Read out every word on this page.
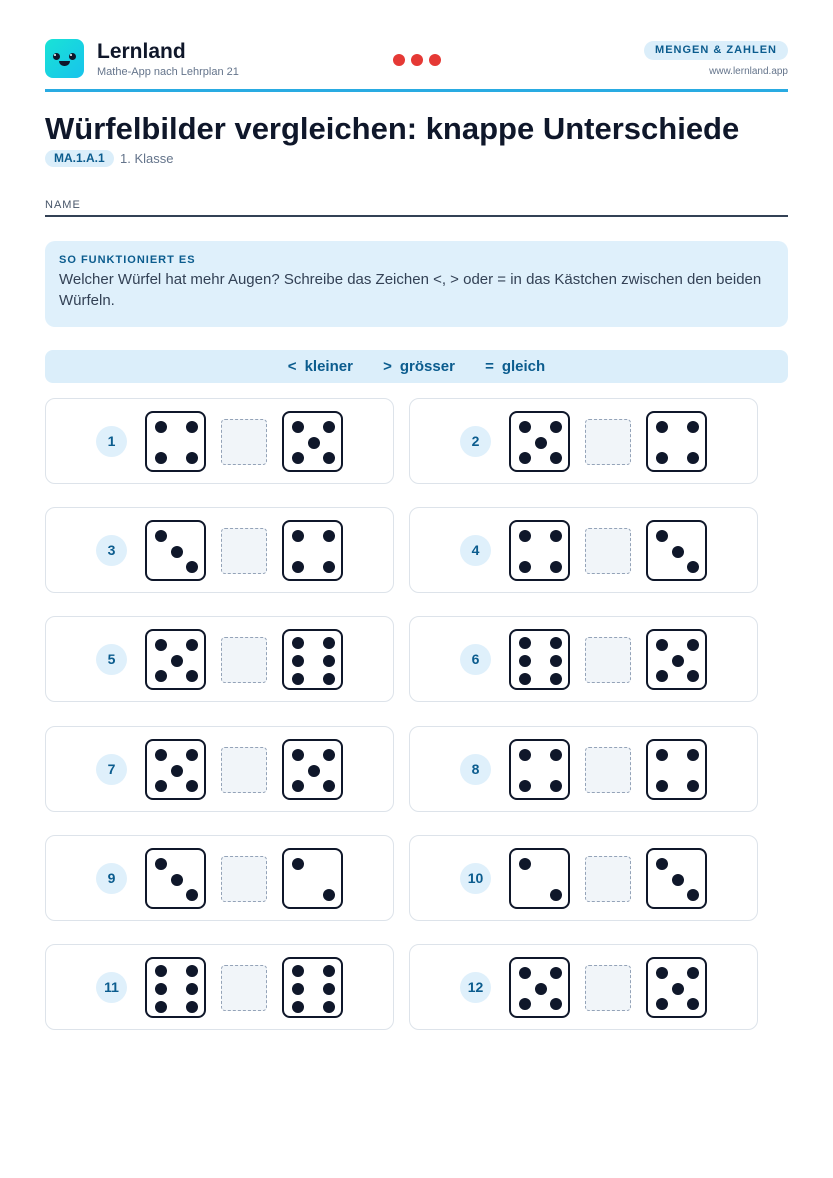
Lernland
Mathe-App nach Lehrplan 21
MENGEN & ZAHLEN
www.lernland.app
Würfelbilder vergleichen: knappe Unterschiede
MA.1.A.1	1. Klasse
NAME
SO FUNKTIONIERT ES
Welcher Würfel hat mehr Augen? Schreibe das Zeichen <, > oder = in das Kästchen zwischen den beiden Würfeln.
< kleiner > grösser = gleich
1	2
3	4
5	6
7	8
9	10
11	12
